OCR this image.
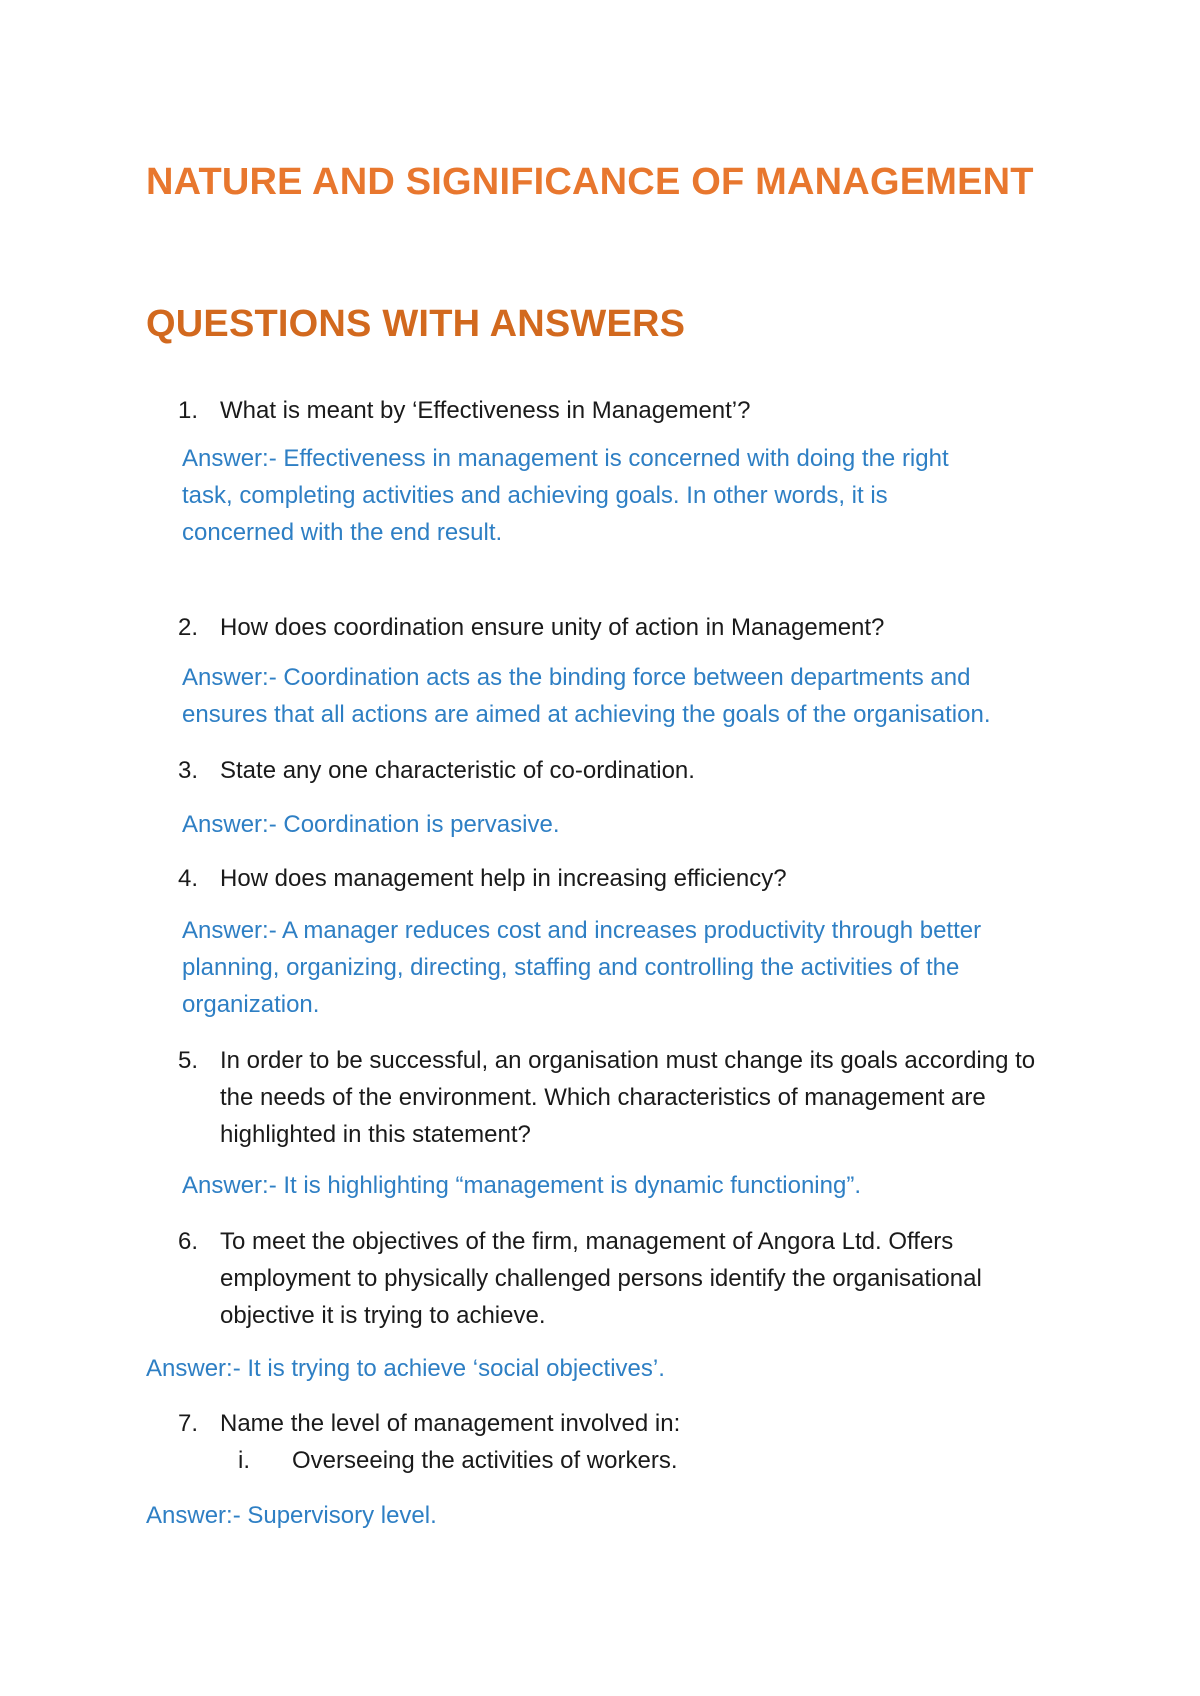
NATURE AND SIGNIFICANCE OF MANAGEMENT
QUESTIONS WITH ANSWERS
1. What is meant by ‘Effectiveness in Management’?
Answer:- Effectiveness in management is concerned with doing the right task, completing activities and achieving goals. In other words, it is concerned with the end result.
2. How does coordination ensure unity of action in Management?
Answer:- Coordination acts as the binding force between departments and ensures that all actions are aimed at achieving the goals of the organisation.
3. State any one characteristic of co-ordination.
Answer:- Coordination is pervasive.
4. How does management help in increasing efficiency?
Answer:- A manager reduces cost and increases productivity through better planning, organizing, directing, staffing and controlling the activities of the organization.
5. In order to be successful, an organisation must change its goals according to the needs of the environment. Which characteristics of management are highlighted in this statement?
Answer:- It is highlighting “management is dynamic functioning”.
6. To meet the objectives of the firm, management of Angora Ltd. Offers employment to physically challenged persons identify the organisational objective it is trying to achieve.
Answer:- It is trying to achieve ‘social objectives’.
7. Name the level of management involved in:
i. Overseeing the activities of workers.
Answer:- Supervisory level.
